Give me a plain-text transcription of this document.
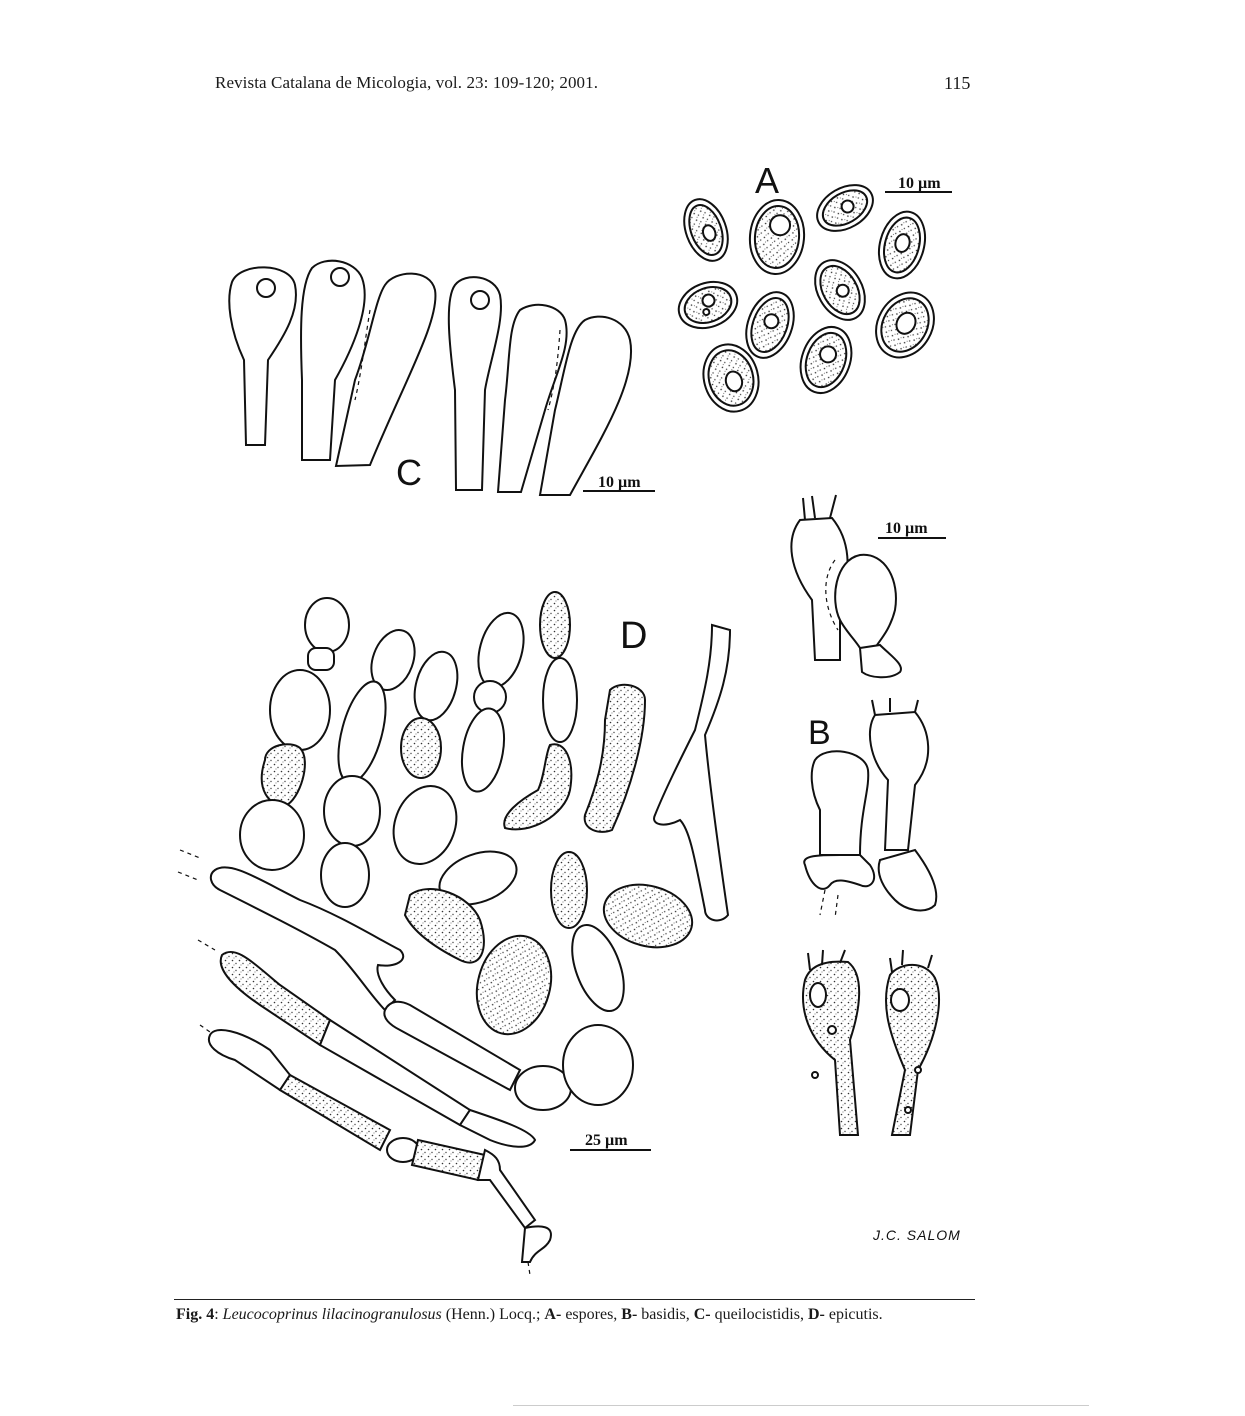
Revista Catalana de Micologia, vol. 23: 109-120; 2001.	115
A	10 µm
C	10 µm
10 µm
B
D
25 µm
J.C. SALOM
Fig. 4: Leucocoprinus lilacinogranulosus (Henn.) Locq.; A- espores, B- basidis, C- queilocistidis, D- epicutis.
